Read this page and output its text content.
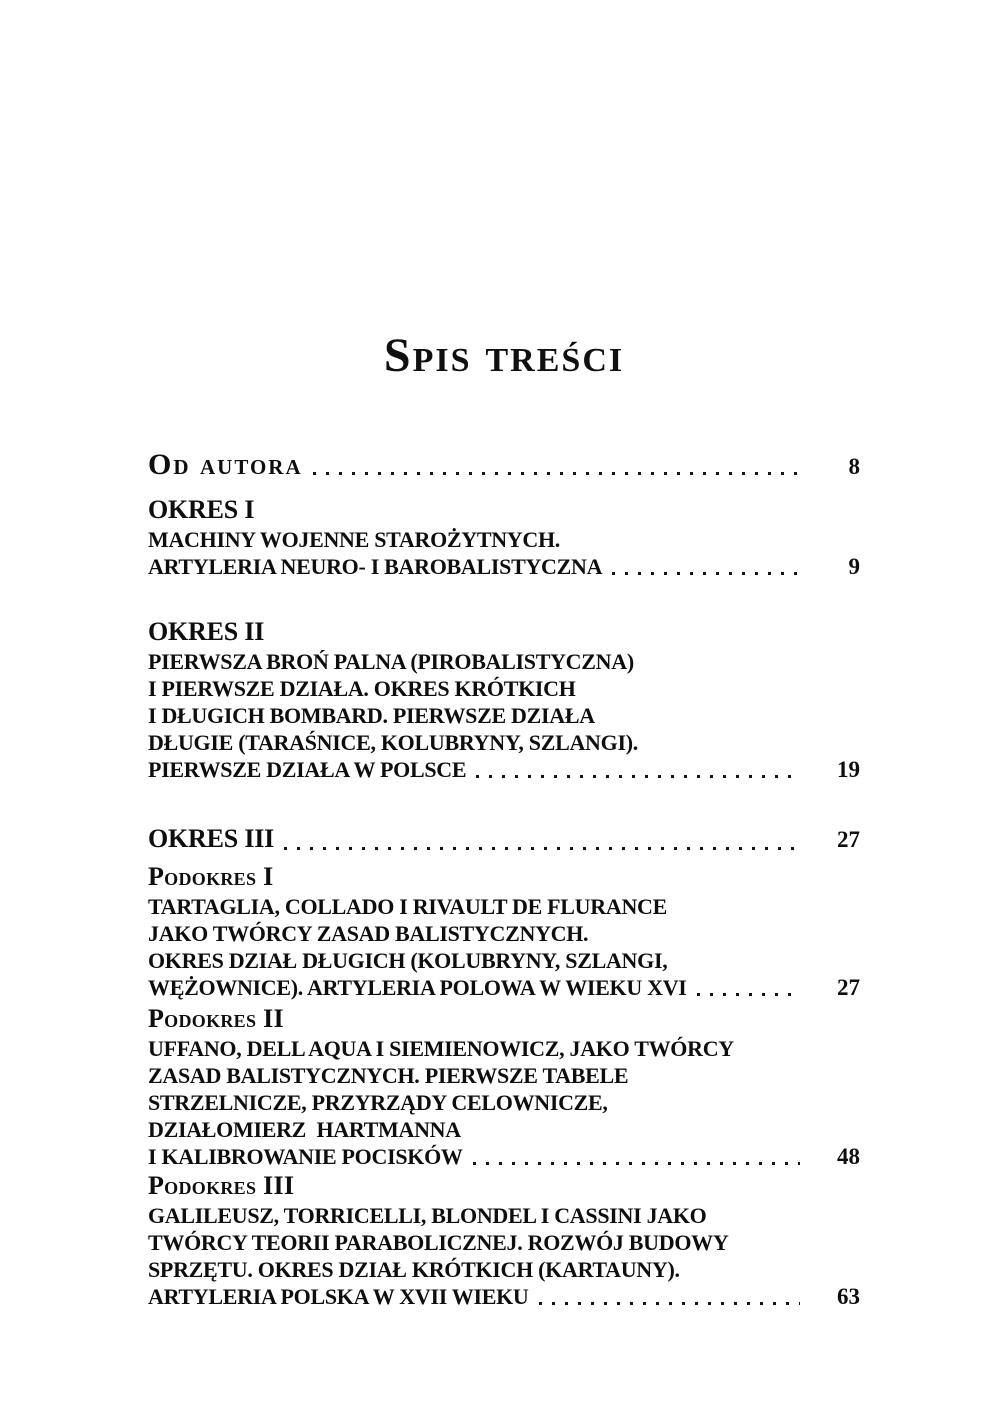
Spis treści
Od autora	8
OKRES I
MACHINY WOJENNE STAROŻYTNYCH.
ARTYLERIA NEURO- I BAROBALISTYCZNA	9
OKRES II
PIERWSZA BROŃ PALNA (PIROBALISTYCZNA)
I PIERWSZE DZIAŁA. OKRES KRÓTKICH
I DŁUGICH BOMBARD. PIERWSZE DZIAŁA
DŁUGIE (TARAŚNICE, KOLUBRYNY, SZLANGI).
PIERWSZE DZIAŁA W POLSCE	19
OKRES III	27
Podokres I
TARTAGLIA, COLLADO I RIVAULT DE FLURANCE
JAKO TWÓRCY ZASAD BALISTYCZNYCH.
OKRES DZIAŁ DŁUGICH (KOLUBRYNY, SZLANGI,
WĘŻOWNICE). ARTYLERIA POLOWA W WIEKU XVI	27
Podokres II
UFFANO, DELL AQUA I SIEMIENOWICZ, JAKO TWÓRCY
ZASAD BALISTYCZNYCH. PIERWSZE TABELE
STRZELNICZE, PRZYRZĄDY CELOWNICZE,
DZIAŁOMIERZ  HARTMANNA
I KALIBROWANIE POCISKÓW	48
Podokres III
GALILEUSZ, TORRICELLI, BLONDEL I CASSINI JAKO
TWÓRCY TEORII PARABOLICZNEJ. ROZWÓJ BUDOWY
SPRZĘTU. OKRES DZIAŁ KRÓTKICH (KARTAUNY).
ARTYLERIA POLSKA W XVII WIEKU	63
